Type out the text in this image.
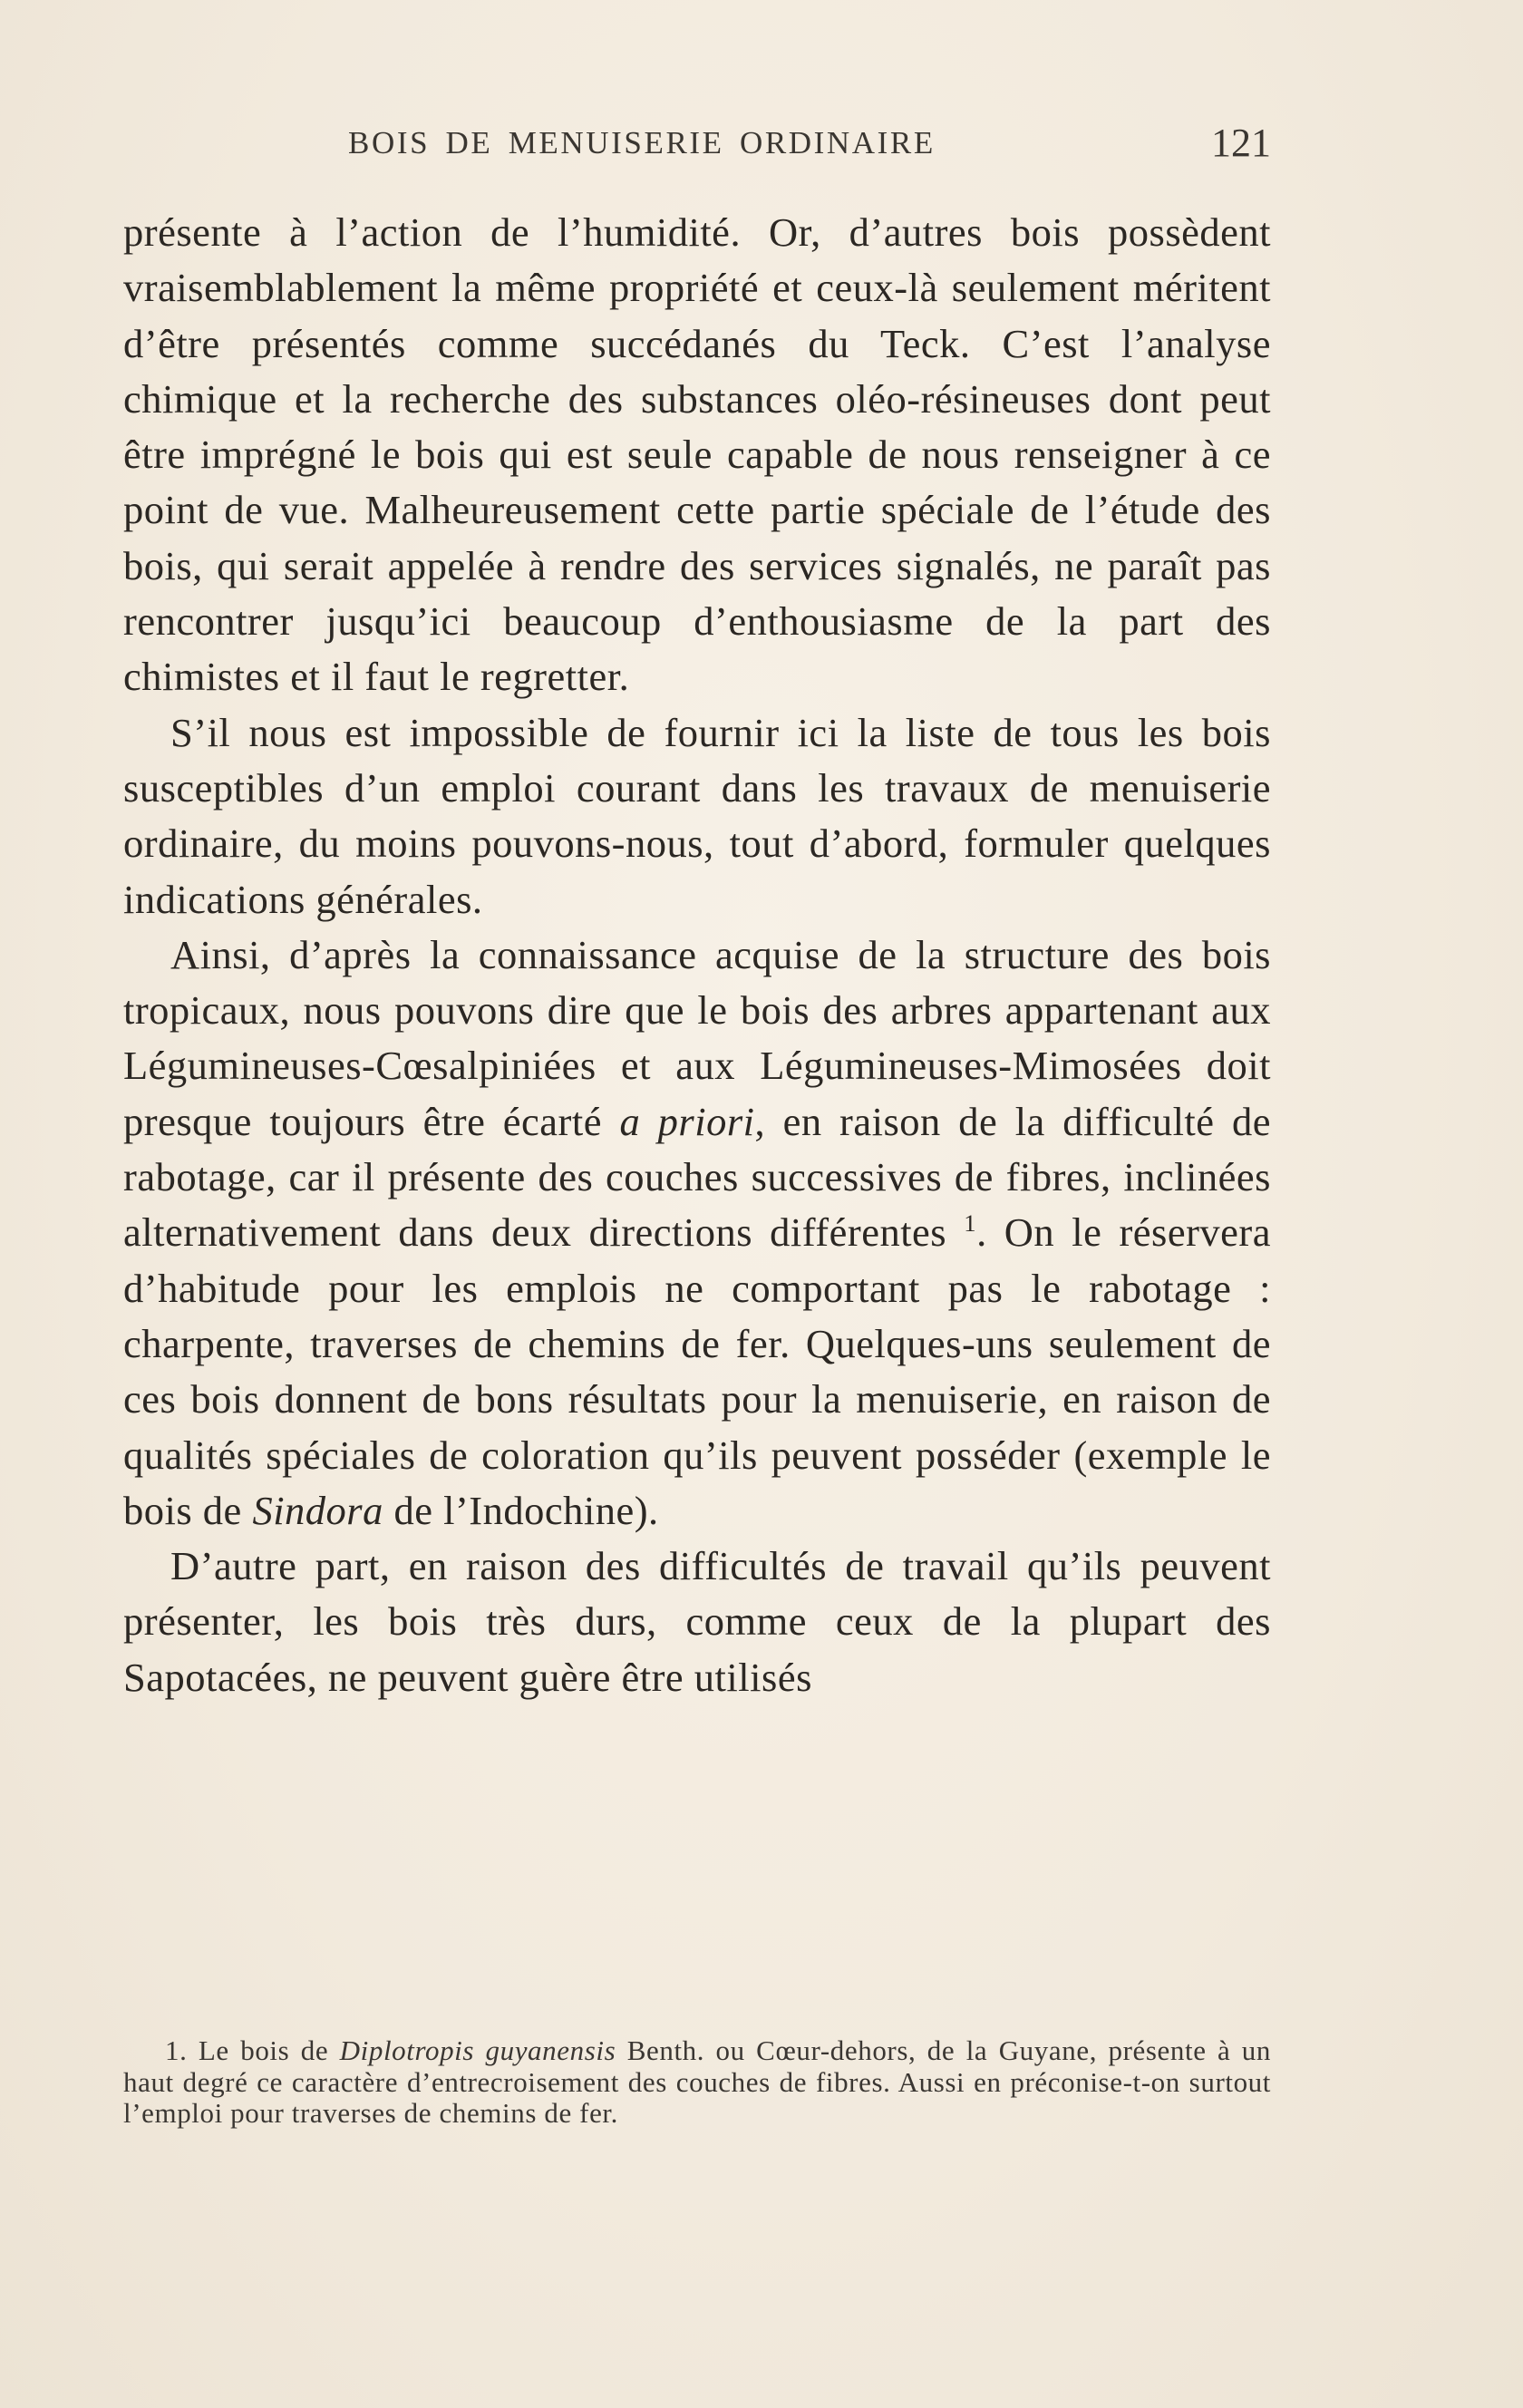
BOIS DE MENUISERIE ORDINAIRE	121

présente à l’action de l’humidité. Or, d’autres bois possèdent vraisemblablement la même propriété et ceux-là seulement méritent d’être présentés comme succédanés du Teck. C’est l’analyse chimique et la recherche des substances oléo-résineuses dont peut être imprégné le bois qui est seule capable de nous renseigner à ce point de vue. Malheureusement cette partie spéciale de l’étude des bois, qui serait appelée à rendre des services signalés, ne paraît pas rencontrer jusqu’ici beaucoup d’enthousiasme de la part des chimistes et il faut le regretter.

S’il nous est impossible de fournir ici la liste de tous les bois susceptibles d’un emploi courant dans les travaux de menuiserie ordinaire, du moins pouvons-nous, tout d’abord, formuler quelques indications générales.

Ainsi, d’après la connaissance acquise de la structure des bois tropicaux, nous pouvons dire que le bois des arbres appartenant aux Légumineuses-Cœsalpiniées et aux Légumineuses-Mimosées doit presque toujours être écarté a priori, en raison de la difficulté de rabotage, car il présente des couches successives de fibres, inclinées alternativement dans deux directions différentes $^1$. On le réservera d’habitude pour les emplois ne comportant pas le rabotage : charpente, traverses de chemins de fer. Quelques-uns seulement de ces bois donnent de bons résultats pour la menuiserie, en raison de qualités spéciales de coloration qu’ils peuvent posséder (exemple le bois de Sindora de l’Indochine).

D’autre part, en raison des difficultés de travail qu’ils peuvent présenter, les bois très durs, comme ceux de la plupart des Sapotacées, ne peuvent guère être utilisés

1. Le bois de Diplotropis guyanensis Benth. ou Cœur-dehors, de la Guyane, présente à un haut degré ce caractère d’entrecroisement des couches de fibres. Aussi en préconise-t-on surtout l’emploi pour traverses de chemins de fer.
